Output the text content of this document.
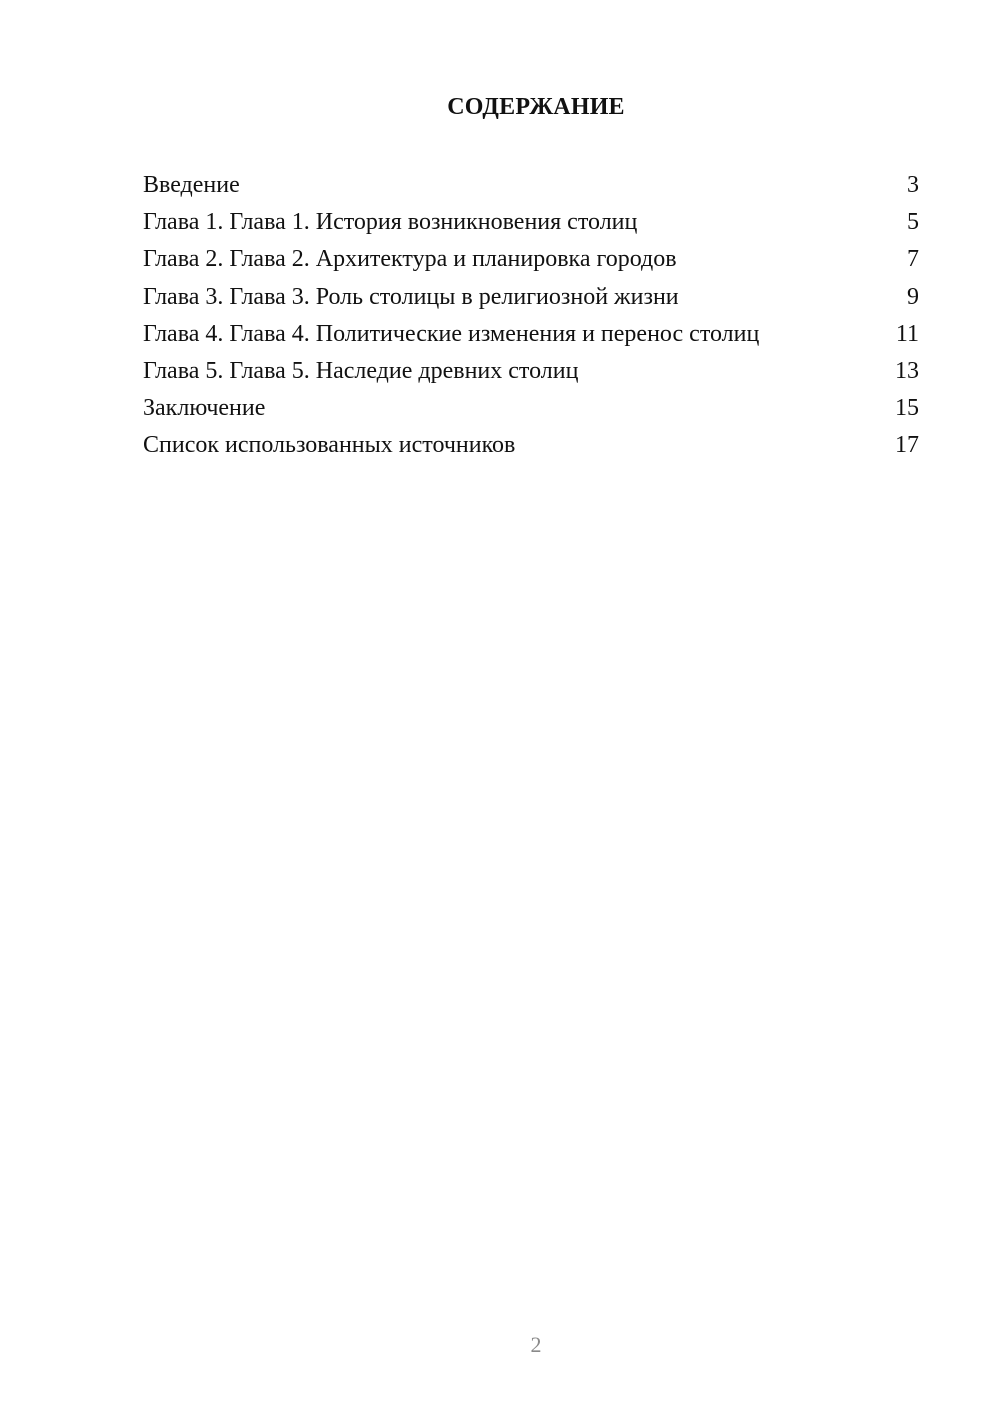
СОДЕРЖАНИЕ
Введение	3
Глава 1. Глава 1. История возникновения столиц	5
Глава 2. Глава 2. Архитектура и планировка городов	7
Глава 3. Глава 3. Роль столицы в религиозной жизни	9
Глава 4. Глава 4. Политические изменения и перенос столиц	11
Глава 5. Глава 5. Наследие древних столиц	13
Заключение	15
Список использованных источников	17
2
